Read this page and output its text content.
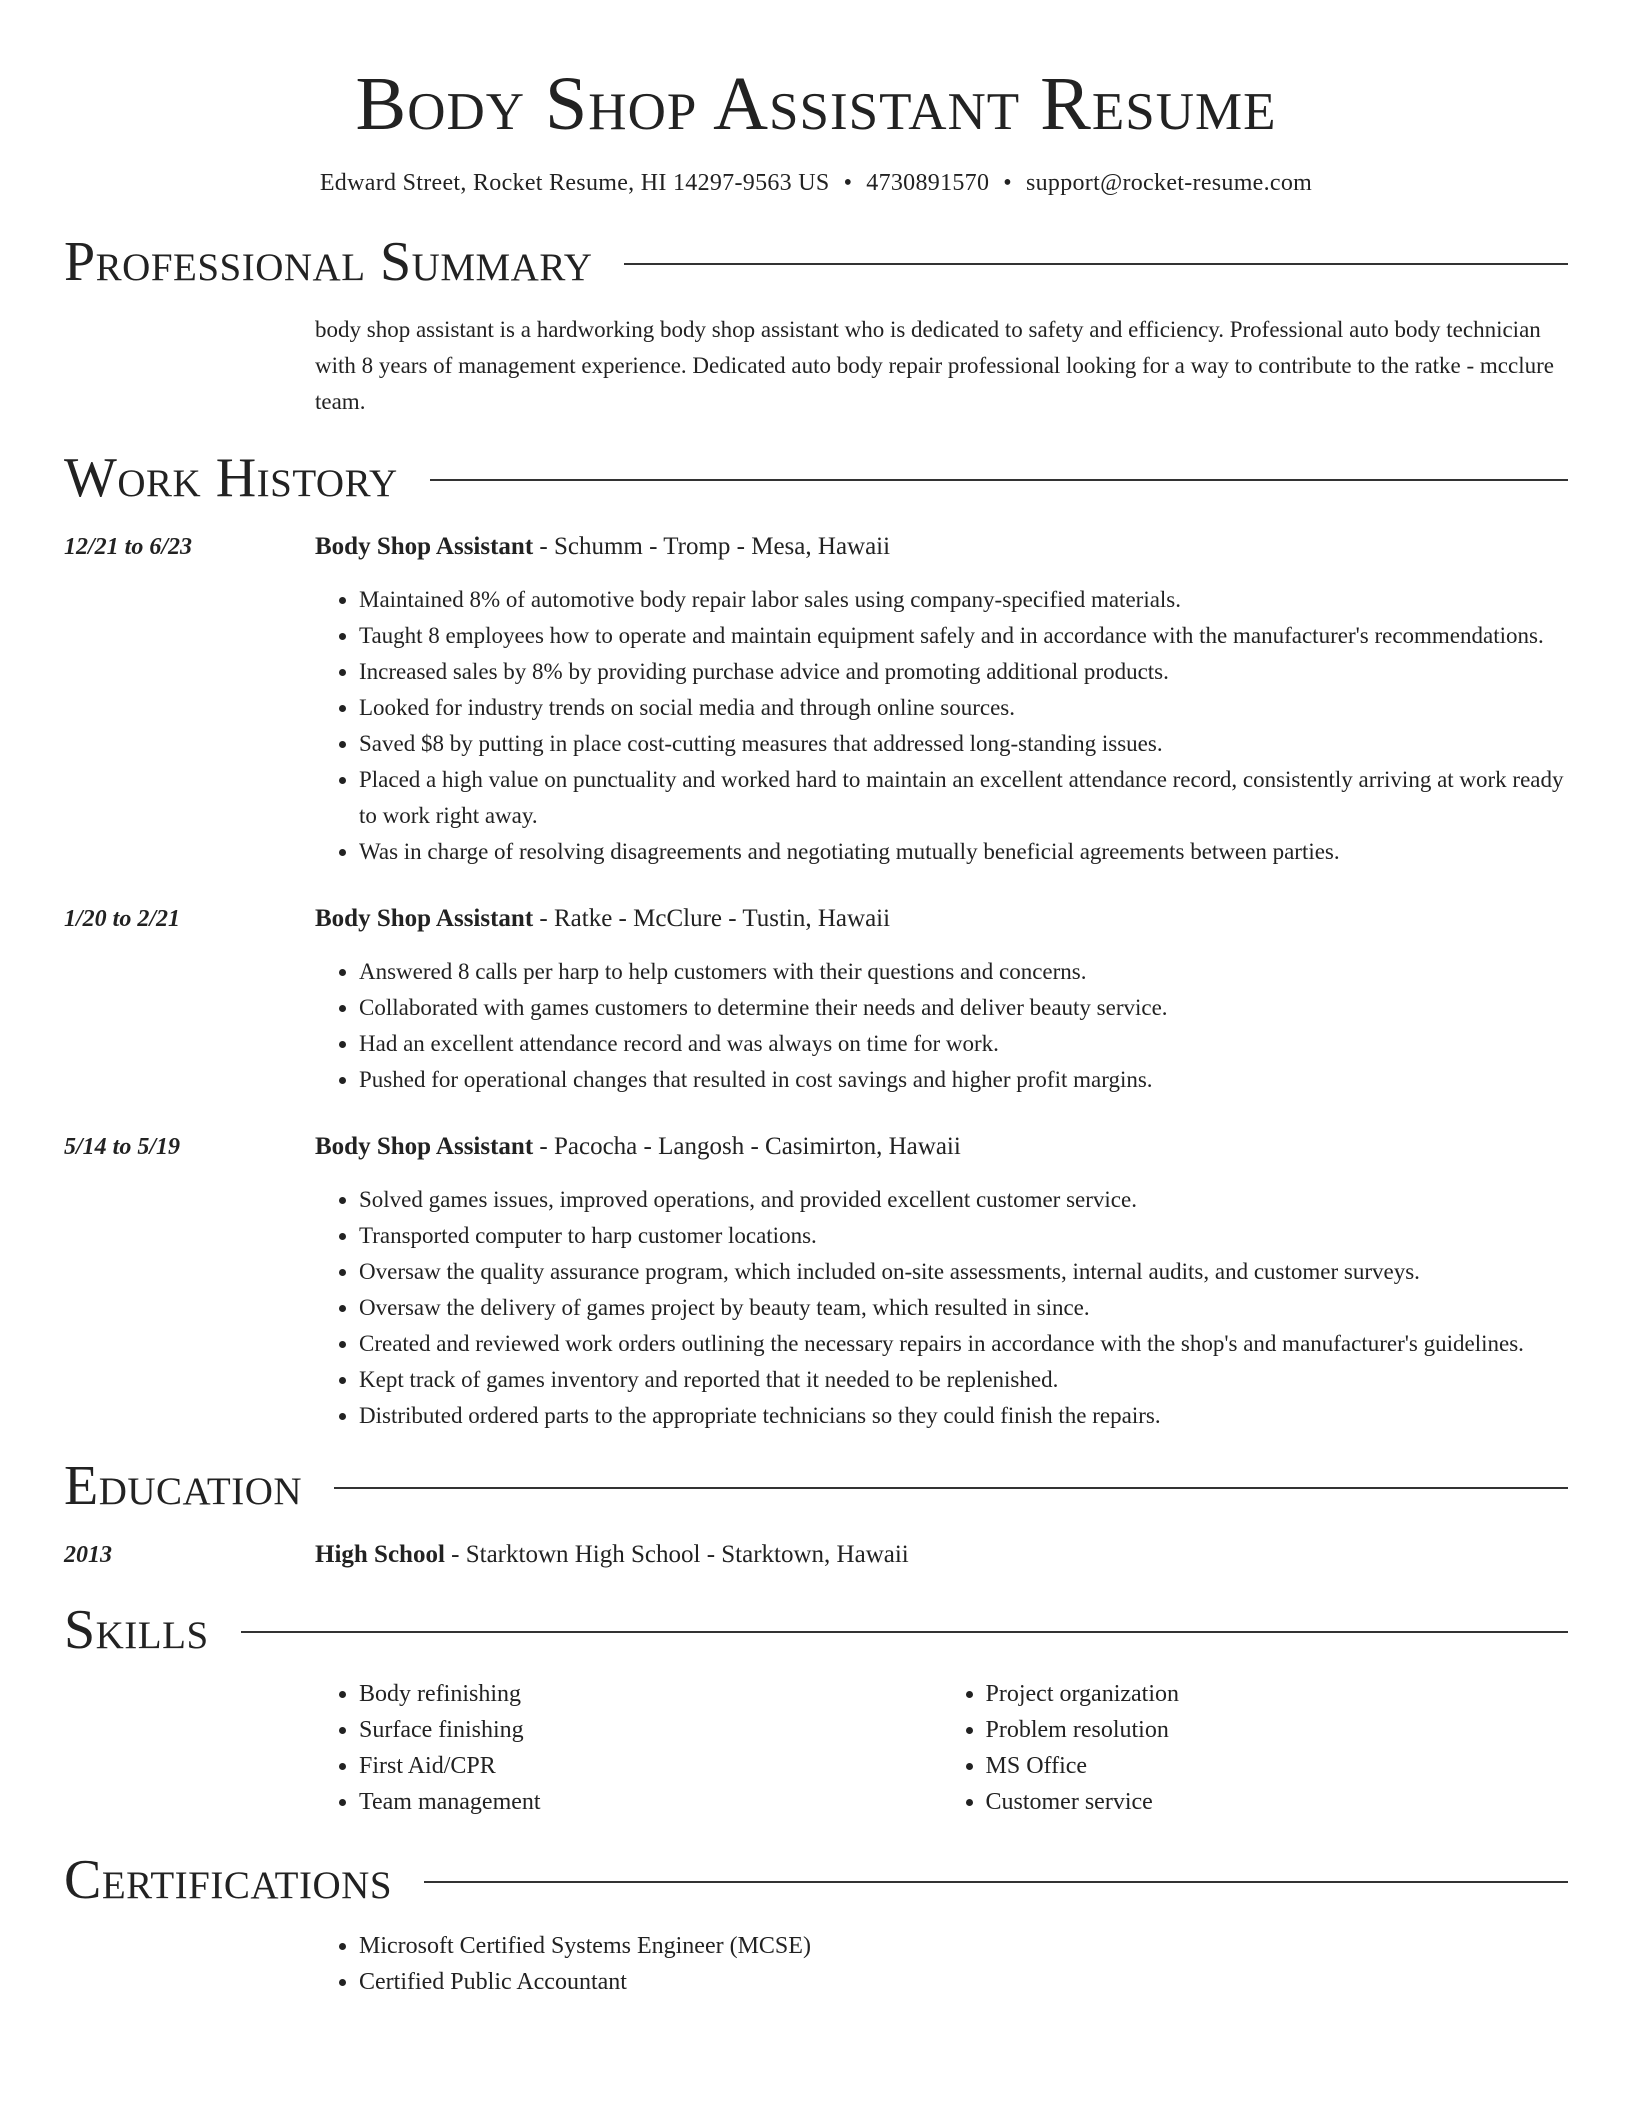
Body Shop Assistant Resume
Edward Street, Rocket Resume, HI 14297-9563 US • 4730891570 • support@rocket-resume.com
Professional Summary
body shop assistant is a hardworking body shop assistant who is dedicated to safety and efficiency. Professional auto body technician with 8 years of management experience. Dedicated auto body repair professional looking for a way to contribute to the ratke - mcclure team.
Work History
12/21 to 6/23	Body Shop Assistant - Schumm - Tromp - Mesa, Hawaii
• Maintained 8% of automotive body repair labor sales using company-specified materials.
• Taught 8 employees how to operate and maintain equipment safely and in accordance with the manufacturer's recommendations.
• Increased sales by 8% by providing purchase advice and promoting additional products.
• Looked for industry trends on social media and through online sources.
• Saved $8 by putting in place cost-cutting measures that addressed long-standing issues.
• Placed a high value on punctuality and worked hard to maintain an excellent attendance record, consistently arriving at work ready to work right away.
• Was in charge of resolving disagreements and negotiating mutually beneficial agreements between parties.
1/20 to 2/21	Body Shop Assistant - Ratke - McClure - Tustin, Hawaii
• Answered 8 calls per harp to help customers with their questions and concerns.
• Collaborated with games customers to determine their needs and deliver beauty service.
• Had an excellent attendance record and was always on time for work.
• Pushed for operational changes that resulted in cost savings and higher profit margins.
5/14 to 5/19	Body Shop Assistant - Pacocha - Langosh - Casimirton, Hawaii
• Solved games issues, improved operations, and provided excellent customer service.
• Transported computer to harp customer locations.
• Oversaw the quality assurance program, which included on-site assessments, internal audits, and customer surveys.
• Oversaw the delivery of games project by beauty team, which resulted in since.
• Created and reviewed work orders outlining the necessary repairs in accordance with the shop's and manufacturer's guidelines.
• Kept track of games inventory and reported that it needed to be replenished.
• Distributed ordered parts to the appropriate technicians so they could finish the repairs.
Education
2013	High School - Starktown High School - Starktown, Hawaii
Skills
• Body refinishing
• Surface finishing
• First Aid/CPR
• Team management
• Project organization
• Problem resolution
• MS Office
• Customer service
Certifications
• Microsoft Certified Systems Engineer (MCSE)
• Certified Public Accountant
